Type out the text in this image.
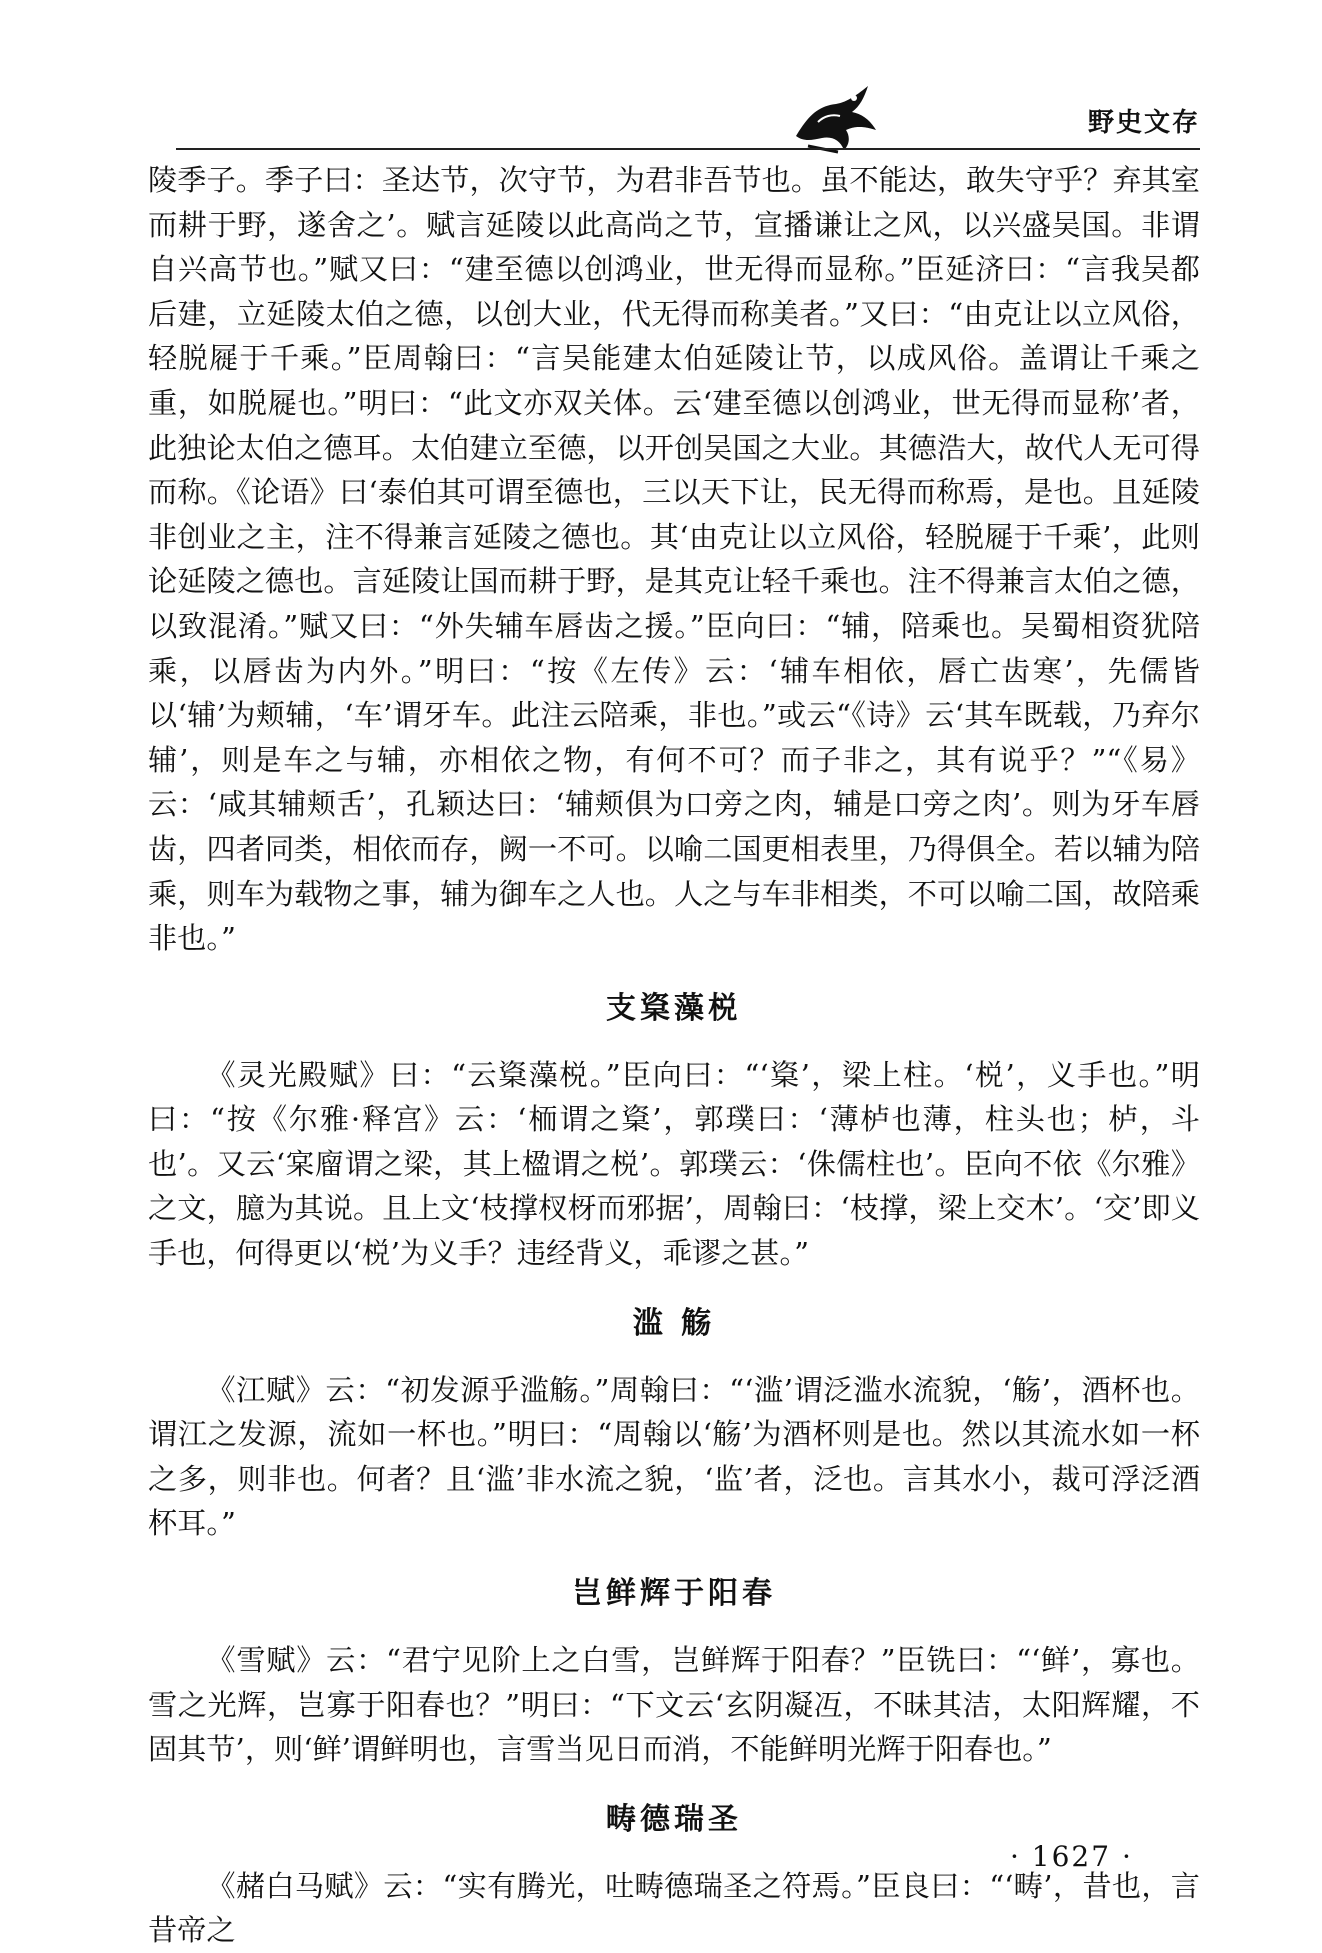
野史文存

陵季子。季子曰：圣达节，次守节，为君非吾节也。虽不能达，敢失守乎？弃其室而耕于野，遂舍之’。赋言延陵以此高尚之节，宣播谦让之风，以兴盛吴国。非谓自兴高节也。”赋又曰：“建至德以创鸿业，世无得而显称。”臣延济曰：“言我吴都后建，立延陵太伯之德，以创大业，代无得而称美者。”又曰：“由克让以立风俗，轻脱屣于千乘。”臣周翰曰：“言吴能建太伯延陵让节，以成风俗。盖谓让千乘之重，如脱屣也。”明曰：“此文亦双关体。云‘建至德以创鸿业，世无得而显称’者，此独论太伯之德耳。太伯建立至德，以开创吴国之大业。其德浩大，故代人无可得而称。《论语》曰‘泰伯其可谓至德也，三以天下让，民无得而称焉，是也。且延陵非创业之主，注不得兼言延陵之德也。其‘由克让以立风俗，轻脱屣于千乘’，此则论延陵之德也。言延陵让国而耕于野，是其克让轻千乘也。注不得兼言太伯之德，以致混淆。”赋又曰：“外失辅车唇齿之援。”臣向曰：“辅，陪乘也。吴蜀相资犹陪乘，以唇齿为内外。”明曰：“按《左传》云：‘辅车相依，唇亡齿寒’，先儒皆以‘辅’为颊辅，‘车’谓牙车。此注云陪乘，非也。”或云“《诗》云‘其车既载，乃弃尔辅’，则是车之与辅，亦相依之物，有何不可？而子非之，其有说乎？”“《易》云：‘咸其辅颊舌’，孔颖达曰：‘辅颊俱为口旁之肉，辅是口旁之肉’。则为牙车唇齿，四者同类，相依而存，阙一不可。以喻二国更相表里，乃得俱全。若以辅为陪乘，则车为载物之事，辅为御车之人也。人之与车非相类，不可以喻二国，故陪乘非也。”

支楶藻棁

《灵光殿赋》曰：“云楶藻棁。”臣向曰：“‘楶’，梁上柱。‘棁’，义手也。”明曰：“按《尔雅·释宫》云：‘栭谓之楶’，郭璞曰：‘薄栌也薄，柱头也；栌，斗也’。又云‘宲廇谓之梁，其上楹谓之棁’。郭璞云：‘侏儒柱也’。臣向不依《尔雅》之文，臆为其说。且上文‘枝撑杈枒而邪据’，周翰曰：‘枝撑，梁上交木’。‘交’即义手也，何得更以‘棁’为义手？违经背义，乖谬之甚。”

滥 觞

《江赋》云：“初发源乎滥觞。”周翰曰：“‘滥’谓泛滥水流貌，‘觞’，酒杯也。谓江之发源，流如一杯也。”明曰：“周翰以‘觞’为酒杯则是也。然以其流水如一杯之多，则非也。何者？且‘滥’非水流之貌，‘监’者，泛也。言其水小，裁可浮泛酒杯耳。”

岂鲜辉于阳春

《雪赋》云：“君宁见阶上之白雪，岂鲜辉于阳春？”臣铣曰：“‘鲜’，寡也。雪之光辉，岂寡于阳春也？”明曰：“下文云‘玄阴凝冱，不昧其洁，太阳辉耀，不固其节’，则‘鲜’谓鲜明也，言雪当见日而消，不能鲜明光辉于阳春也。”

畴德瑞圣

《赭白马赋》云：“实有腾光，吐畴德瑞圣之符焉。”臣良曰：“‘畴’，昔也，言昔帝之

· 1627 ·
